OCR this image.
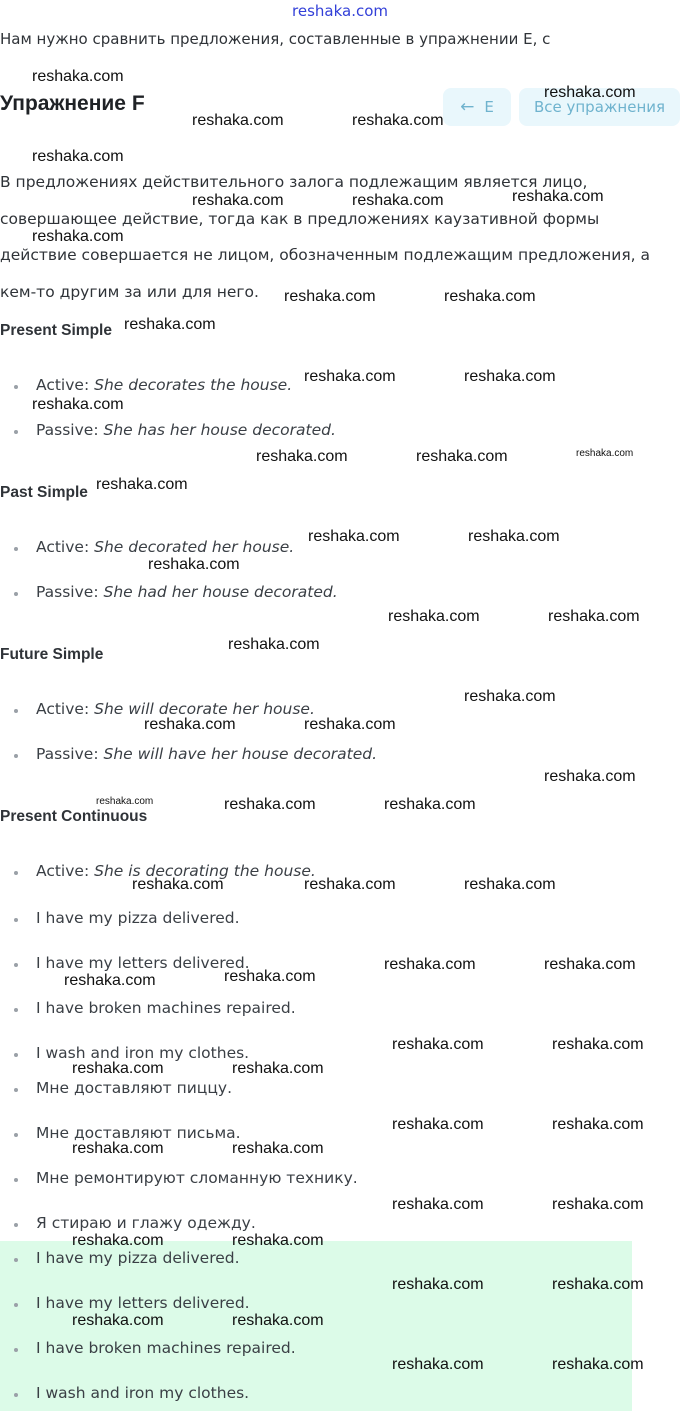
reshaka.com
Нам нужно сравнить предложения, составленные в упражнении E, с
Упражнение F	← E	Все упражнения
В предложениях действительного залога подлежащим является лицо,
совершающее действие, тогда как в предложениях каузативной формы
действие совершается не лицом, обозначенным подлежащим предложения, а
кем-то другим за или для него.
Present Simple
Active: She decorates the house.
Passive: She has her house decorated.
Past Simple
Active: She decorated her house.
Passive: She had her house decorated.
Future Simple
Active: She will decorate her house.
Passive: She will have her house decorated.
Present Continuous
Active: She is decorating the house.
I have my pizza delivered.
I have my letters delivered.
I have broken machines repaired.
I wash and iron my clothes.
Мне доставляют пиццу.
Мне доставляют письма.
Мне ремонтируют сломанную технику.
Я стираю и глажу одежду.
I have my pizza delivered.
I have my letters delivered.
I have broken machines repaired.
I wash and iron my clothes.
reshaka.com
reshaka.com
reshaka.com	reshaka.com
reshaka.com
reshaka.com	reshaka.com	reshaka.com
reshaka.com
reshaka.com	reshaka.com
reshaka.com
reshaka.com	reshaka.com
reshaka.com
reshaka.com	reshaka.com
reshaka.com
reshaka.com	reshaka.com
reshaka.com
reshaka.com	reshaka.com
reshaka.com
reshaka.com
reshaka.com	reshaka.com
reshaka.com
reshaka.com	reshaka.com
reshaka.com	reshaka.com	reshaka.com
reshaka.com	reshaka.com
reshaka.com	reshaka.com
reshaka.com	reshaka.com
reshaka.com	reshaka.com
reshaka.com	reshaka.com
reshaka.com	reshaka.com
reshaka.com	reshaka.com
reshaka.com	reshaka.com
reshaka.com	reshaka.com
reshaka.com	reshaka.com
reshaka.com	reshaka.com
reshaka.com
reshaka.com
